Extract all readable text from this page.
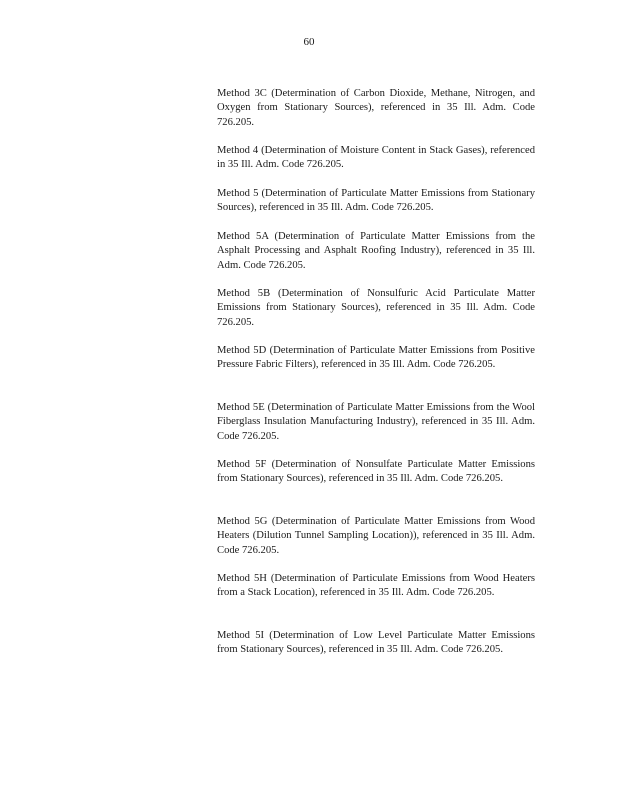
60

Method 3C (Determination of Carbon Dioxide, Methane, Nitrogen, and Oxygen from Stationary Sources), referenced in 35 Ill. Adm. Code 726.205.

Method 4 (Determination of Moisture Content in Stack Gases), referenced in 35 Ill. Adm. Code 726.205.

Method 5 (Determination of Particulate Matter Emissions from Stationary Sources), referenced in 35 Ill. Adm. Code 726.205.

Method 5A (Determination of Particulate Matter Emissions from the Asphalt Processing and Asphalt Roofing Industry), referenced in 35 Ill. Adm. Code 726.205.

Method 5B (Determination of Nonsulfuric Acid Particulate Matter Emissions from Stationary Sources), referenced in 35 Ill. Adm. Code 726.205.

Method 5D (Determination of Particulate Matter Emissions from Positive Pressure Fabric Filters), referenced in 35 Ill. Adm. Code 726.205.

Method 5E (Determination of Particulate Matter Emissions from the Wool Fiberglass Insulation Manufacturing Industry), referenced in 35 Ill. Adm. Code 726.205.

Method 5F (Determination of Nonsulfate Particulate Matter Emissions from Stationary Sources), referenced in 35 Ill. Adm. Code 726.205.

Method 5G (Determination of Particulate Matter Emissions from Wood Heaters (Dilution Tunnel Sampling Location)), referenced in 35 Ill. Adm. Code 726.205.

Method 5H (Determination of Particulate Emissions from Wood Heaters from a Stack Location), referenced in 35 Ill. Adm. Code 726.205.

Method 5I (Determination of Low Level Particulate Matter Emissions from Stationary Sources), referenced in 35 Ill. Adm. Code 726.205.
